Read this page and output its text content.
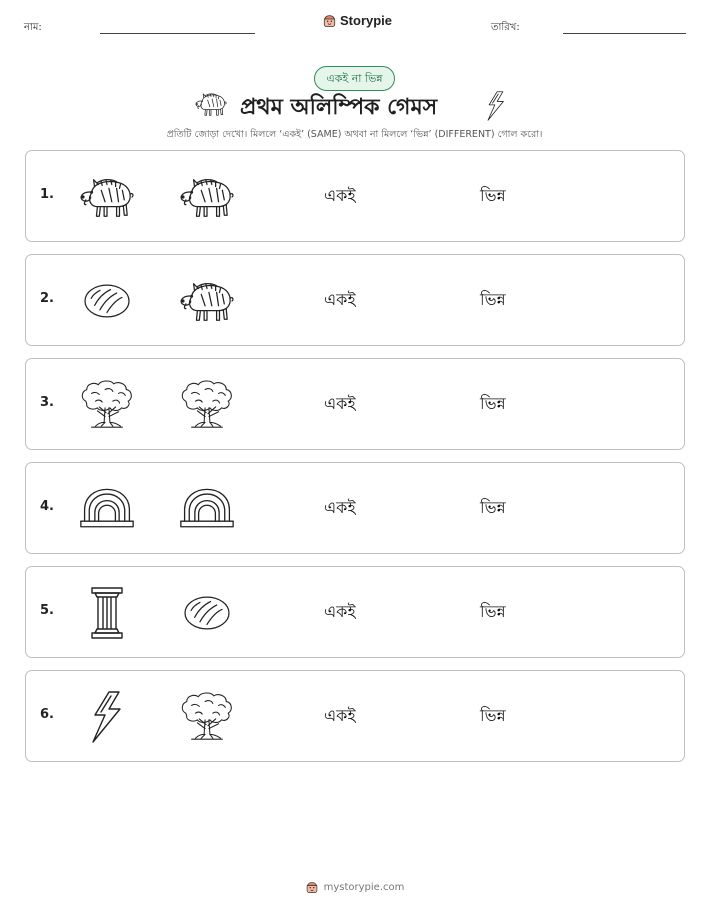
নাম:	Storypie	তারিখ:
একই না ভিন্ন
প্রথম অলিম্পিক গেমস
প্রতিটি জোড়া দেখো। মিললে ‘একই’ (SAME) অথবা না মিললে ‘ভিন্ন’ (DIFFERENT) গোল করো।
1.	একই	ভিন্ন
2.	একই	ভিন্ন
3.	একই	ভিন্ন
4.	একই	ভিন্ন
5.	একই	ভিন্ন
6.	একই	ভিন্ন
mystorypie.com
